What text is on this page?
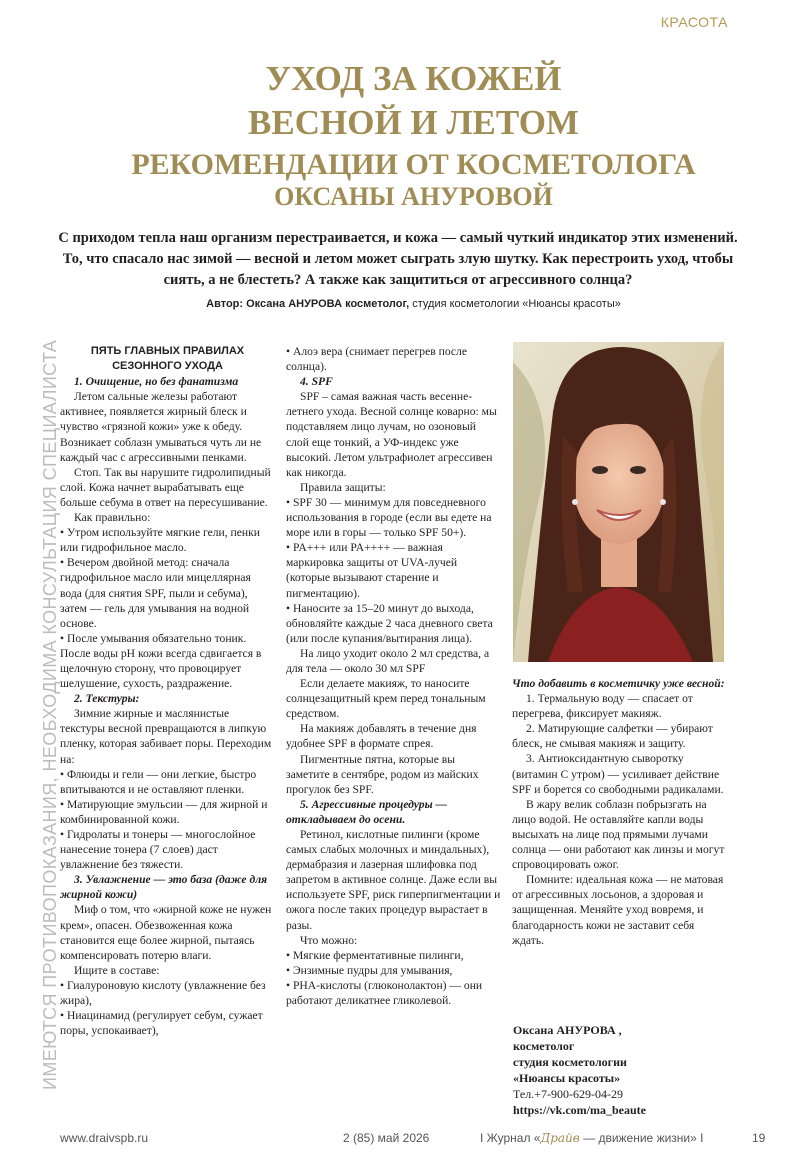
КРАСОТА
УХОД ЗА КОЖЕЙ
ВЕСНОЙ И ЛЕТОМ
РЕКОМЕНДАЦИИ ОТ КОСМЕТОЛОГА
ОКСАНЫ АНУРОВОЙ
С приходом тепла наш организм перестраивается, и кожа — самый чуткий индикатор этих изменений. То, что спасало нас зимой — весной и летом может сыграть злую шутку. Как перестроить уход, чтобы сиять, а не блестеть? А также как защититься от агрессивного солнца?
Автор: Оксана АНУРОВА косметолог, студия косметологии «Нюансы красоты»
ИМЕЮТСЯ ПРОТИВОПОКАЗАНИЯ, НЕОБХОДИМА КОНСУЛЬТАЦИЯ СПЕЦИАЛИСТА	ПЯТЬ ГЛАВНЫХ ПРАВИЛАХ

СЕЗОННОГО УХОДА

1. Очищение, но без фанатизма

Летом сальные железы работают активнее, появляется жирный блеск и чувство «грязной кожи» уже к обеду. Возникает соблазн умываться чуть ли не каждый час с агрессивными пенками.

Стоп. Так вы нарушите гидролипидный слой. Кожа начнет вырабатывать еще больше себума в ответ на пересушивание.

Как правильно:

• Утром используйте мягкие гели, пенки или гидрофильное масло.

• Вечером двойной метод: сначала гидрофильное масло или мицеллярная вода (для снятия SPF, пыли и себума), затем — гель для умывания на водной основе.

• После умывания обязательно тоник. После воды pH кожи всегда сдвигается в щелочную сторону, что провоцирует шелушение, сухость, раздражение.

2. Текстуры:

Зимние жирные и маслянистые текстуры весной превращаются в липкую пленку, которая забивает поры. Переходим на:

• Флюиды и гели — они легкие, быстро впитываются и не оставляют пленки.

• Матирующие эмульсии — для жирной и комбинированной кожи.

• Гидролаты и тонеры — многослойное нанесение тонера (7 слоев) даст увлажнение без тяжести.

3. Увлажнение — это база (даже для жирной кожи)

Миф о том, что «жирной коже не нужен крем», опасен. Обезвоженная кожа становится еще более жирной, пытаясь компенсировать потерю влаги.

Ищите в составе:

• Гиалуроновую кислоту (увлажнение без жира),

• Ниацинамид (регулирует себум, сужает поры, успокаивает),

• Алоэ вера (снимает перегрев после солнца).

4. SPF

SPF – самая важная часть весенне-летнего ухода. Весной солнце коварно: мы подставляем лицо лучам, но озоновый слой еще тонкий, а УФ-индекс уже высокий. Летом ультрафиолет агрессивен как никогда.

Правила защиты:

• SPF 30 — минимум для повседневного использования в городе (если вы едете на море или в горы — только SPF 50+).

• PA+++ или PA++++ — важная маркировка защиты от UVA-лучей (которые вызывают старение и пигментацию).

• Наносите за 15–20 минут до выхода, обновляйте каждые 2 часа дневного света (или после купания/вытирания лица).

На лицо уходит около 2 мл средства, а для тела — около 30 мл SPF

Если делаете макияж, то наносите солнцезащитный крем перед тональным средством.

На макияж добавлять в течение дня удобнее SPF в формате спрея.

Пигментные пятна, которые вы заметите в сентябре, родом из майских прогулок без SPF.

5. Агрессивные процедуры — откладываем до осени.

Ретинол, кислотные пилинги (кроме самых слабых молочных и миндальных), дермабразия и лазерная шлифовка под запретом в активное солнце. Даже если вы используете SPF, риск гиперпигментации и ожога после таких процедур вырастает в разы.

Что можно:

• Мягкие ферментативные пилинги,

• Энзимные пудры для умывания,

• PHA-кислоты (глюконолактон) — они работают деликатнее гликолевой.

Что добавить в косметичку уже весной:

1. Термальную воду — спасает от перегрева, фиксирует макияж.

2. Матирующие салфетки — убирают блеск, не смывая макияж и защиту.

3. Антиоксидантную сыворотку (витамин С утром) — усиливает действие SPF и борется со свободными радикалами.

В жару велик соблазн побрызгать на лицо водой. Не оставляйте капли воды высыхать на лице под прямыми лучами солнца — они работают как линзы и могут спровоцировать ожог.

Помните: идеальная кожа — не матовая от агрессивных лосьонов, а здоровая и защищенная. Меняйте уход вовремя, и благодарность кожи не заставит себя ждать.

Оксана АНУРОВА ,
косметолог
студия косметологии
«Нюансы красоты»
Тел.+7-900-629-04-29
https://vk.com/ma_beaute
www.draivspb.ru	2 (85) май 2026	I Журнал «Драйв — движение жизни» I	19
